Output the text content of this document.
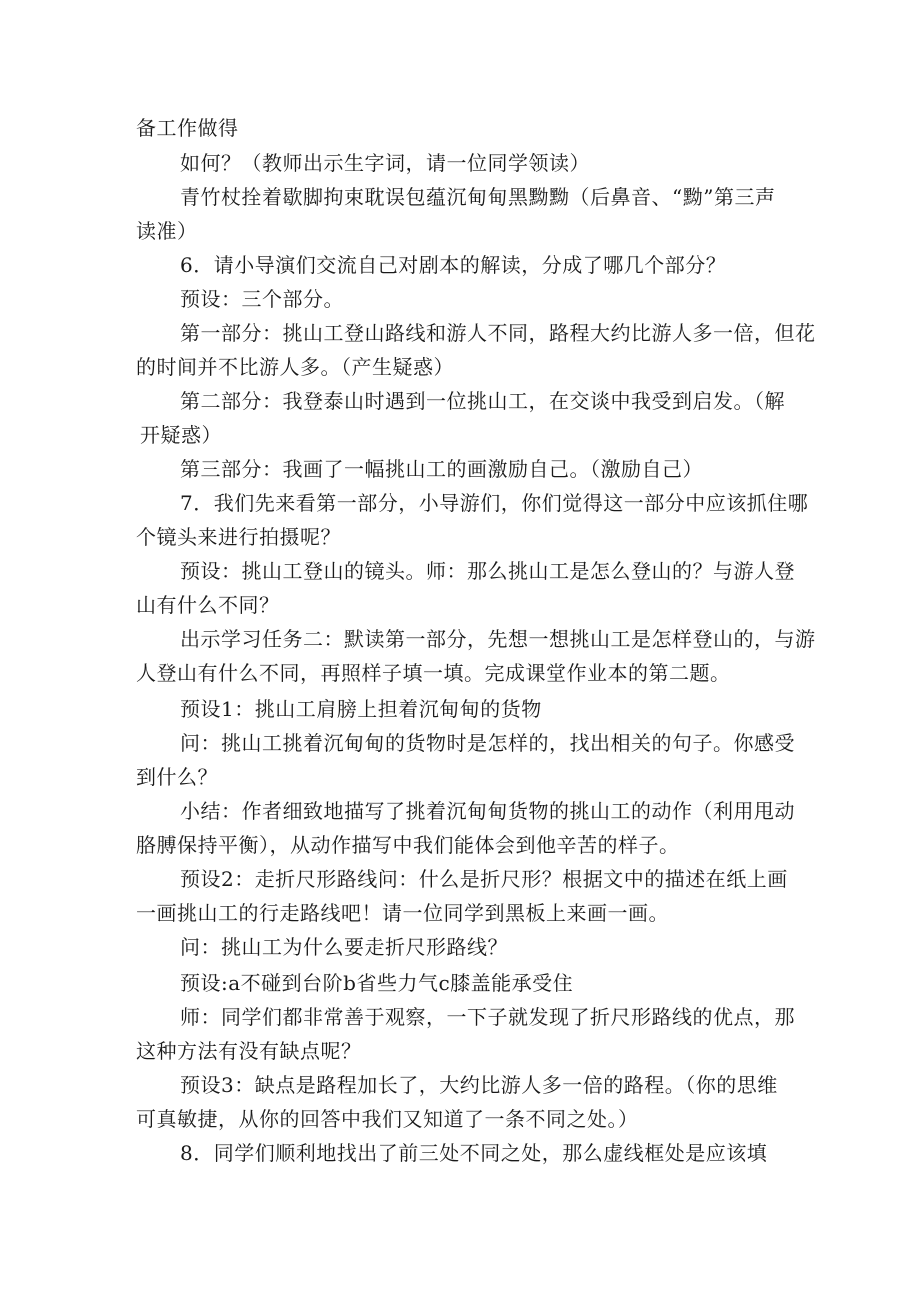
备工作做得
如何？（教师出示生字词，请一位同学领读）
青竹杖拴着歇脚拘束耽误包蕴沉甸甸黑黝黝（后鼻音、“黝”第三声
读准）
6．请小导演们交流自己对剧本的解读，分成了哪几个部分？
预设：三个部分。
第一部分：挑山工登山路线和游人不同，路程大约比游人多一倍，但花
的时间并不比游人多。（产生疑惑）
第二部分：我登泰山时遇到一位挑山工，在交谈中我受到启发。（解
开疑惑）
第三部分：我画了一幅挑山工的画激励自己。（激励自己）
7．我们先来看第一部分，小导游们，你们觉得这一部分中应该抓住哪
个镜头来进行拍摄呢？
预设：挑山工登山的镜头。师：那么挑山工是怎么登山的？与游人登
山有什么不同？
出示学习任务二：默读第一部分，先想一想挑山工是怎样登山的，与游
人登山有什么不同，再照样子填一填。完成课堂作业本的第二题。
预设1：挑山工肩膀上担着沉甸甸的货物
问：挑山工挑着沉甸甸的货物时是怎样的，找出相关的句子。你感受
到什么？
小结：作者细致地描写了挑着沉甸甸货物的挑山工的动作（利用甩动
胳膊保持平衡），从动作描写中我们能体会到他辛苦的样子。
预设2：走折尺形路线问：什么是折尺形？根据文中的描述在纸上画
一画挑山工的行走路线吧！请一位同学到黑板上来画一画。
问：挑山工为什么要走折尺形路线？
预设:a不碰到台阶b省些力气c膝盖能承受住
师：同学们都非常善于观察，一下子就发现了折尺形路线的优点，那
这种方法有没有缺点呢？
预设3：缺点是路程加长了，大约比游人多一倍的路程。（你的思维
可真敏捷，从你的回答中我们又知道了一条不同之处。）
8．同学们顺利地找出了前三处不同之处，那么虚线框处是应该填
